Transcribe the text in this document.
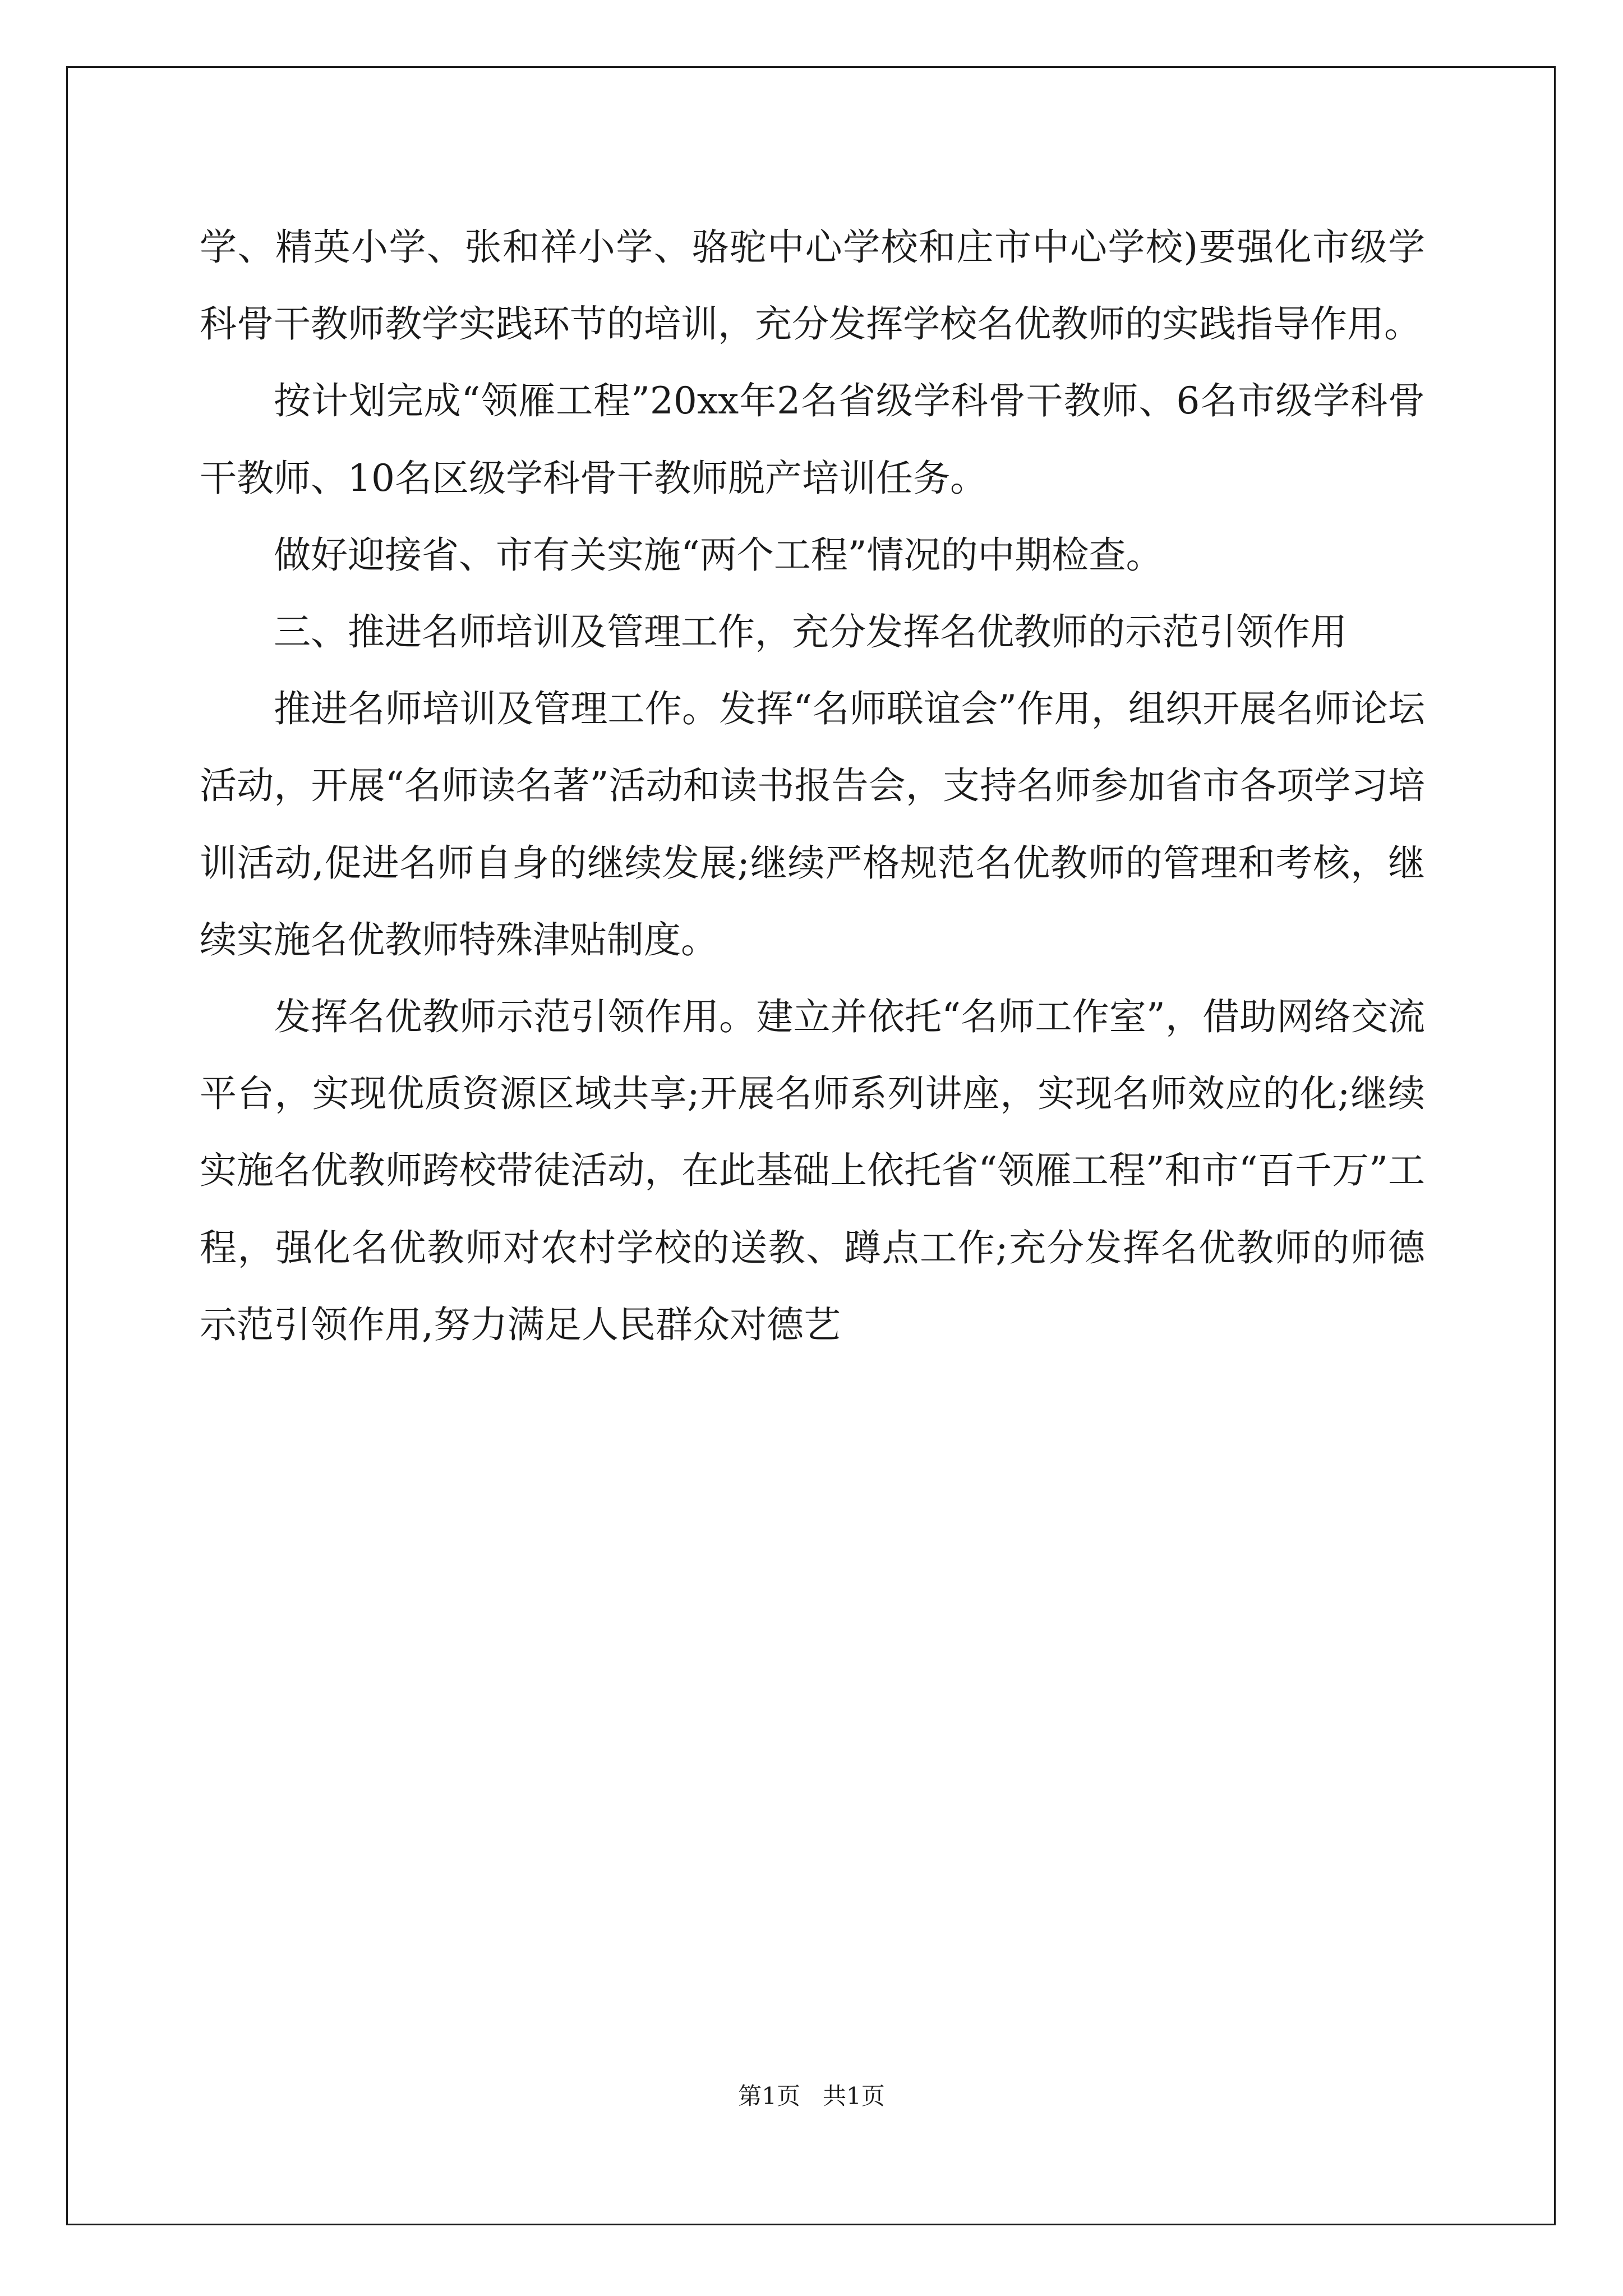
学、精英小学、张和祥小学、骆驼中心学校和庄市中心学校)要强化市级学科骨干教师教学实践环节的培训，充分发挥学校名优教师的实践指导作用。

按计划完成“领雁工程”20xx年2名省级学科骨干教师、6名市级学科骨干教师、10名区级学科骨干教师脱产培训任务。

做好迎接省、市有关实施“两个工程”情况的中期检查。

三、推进名师培训及管理工作，充分发挥名优教师的示范引领作用

推进名师培训及管理工作。发挥“名师联谊会”作用，组织开展名师论坛活动，开展“名师读名著”活动和读书报告会，支持名师参加省市各项学习培训活动,促进名师自身的继续发展;继续严格规范名优教师的管理和考核，继续实施名优教师特殊津贴制度。

发挥名优教师示范引领作用。建立并依托“名师工作室”，借助网络交流平台，实现优质资源区域共享;开展名师系列讲座，实现名师效应的化;继续实施名优教师跨校带徒活动，在此基础上依托省“领雁工程”和市“百千万”工程，强化名优教师对农村学校的送教、蹲点工作;充分发挥名优教师的师德示范引领作用,努力满足人民群众对德艺

第1页   共1页
